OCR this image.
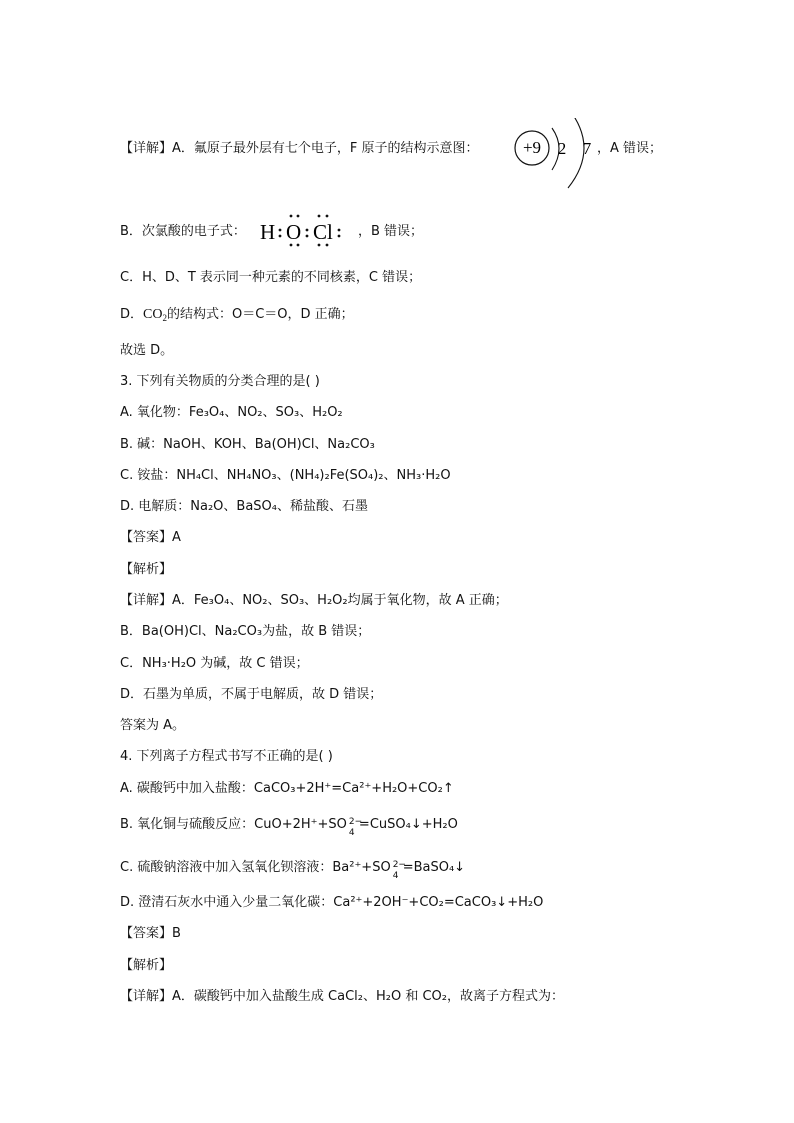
【详解】A．氟原子最外层有七个电子，F 原子的结构示意图：	+9 2 7 ，A 错误；
B．次氯酸的电子式： H O Cl ，B 错误；
C．H、D、T 表示同一种元素的不同核素，C 错误；
D．$CO_2$的结构式：O＝C＝O，D 正确；
故选 D。
3. 下列有关物质的分类合理的是( )
A. 氧化物：Fe₃O₄、NO₂、SO₃、H₂O₂
B. 碱：NaOH、KOH、Ba(OH)Cl、Na₂CO₃
C. 铵盐：NH₄Cl、NH₄NO₃、(NH₄)₂Fe(SO₄)₂、NH₃·H₂O
D. 电解质：Na₂O、BaSO₄、稀盐酸、石墨
【答案】A
【解析】
【详解】A．Fe₃O₄、NO₂、SO₃、H₂O₂均属于氧化物，故 A 正确；
B．Ba(OH)Cl、Na₂CO₃为盐，故 B 错误；
C．NH₃·H₂O 为碱，故 C 错误；
D．石墨为单质，不属于电解质，故 D 错误；
答案为 A。
4. 下列离子方程式书写不正确的是( )
A. 碳酸钙中加入盐酸：CaCO₃+2H⁺=Ca²⁺+H₂O+CO₂↑
B. 氧化铜与硫酸反应：CuO+2H⁺+SO 2−
4
=CuSO₄↓+H₂O
C. 硫酸钠溶液中加入氢氧化钡溶液：Ba²⁺+SO 2−
4
=BaSO₄↓
D. 澄清石灰水中通入少量二氧化碳：Ca²⁺+2OH⁻+CO₂=CaCO₃↓+H₂O
【答案】B
【解析】
【详解】A．碳酸钙中加入盐酸生成 CaCl₂、H₂O 和 CO₂，故离子方程式为：
